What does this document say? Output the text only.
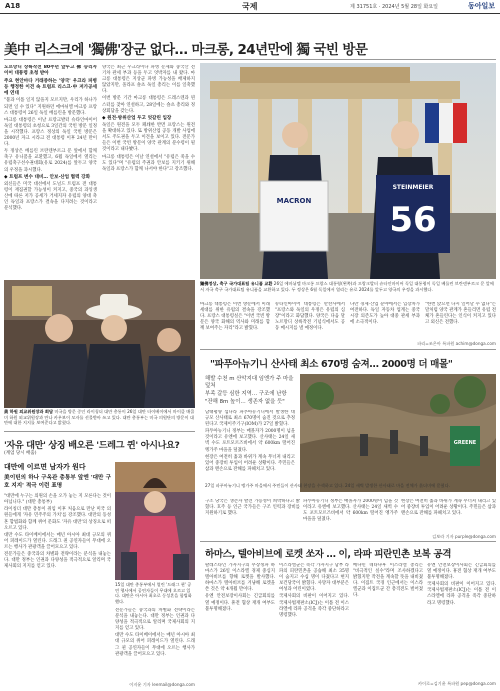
A18	국제	제 31751호 · 2024년 5월 28일 화요일	동아일보
美中 리스크에 '獨佛'장군 없다… 마크롱, 24년만에 獨 국빈 방문

노르망디 상륙작전 80주년 앞두고 佛 승리자이어 대통령 초청 받아

주요 현안마다 거래중하는 '양국' 우크라 파병 등 행정한 이견 속 트럼프 리스크·中 저가공세에 연대

"불과 이틀 일지 않을지 모르지만, 우리가 하나가 되면 일 수 있다" 지원하던 에마뉘엘 마크롱 프랑스 대통령이 26일 독일 베를린을 방문했다.

마크롱 대통령은 이날 프랑크발터 슈타인마이어 독일 대통령의 초청으로 3일간의 국빈 방문 일정을 시작했다. 프랑스 정상의 독일 국빈 방문은 2000년 자크 시라크 전 대통령 이후 24년 만이다.

두 정상은 베를린 브란덴부르크 문 앞에서 함께 축구 유니폼을 교환했고, 6월 독일에서 열리는 유럽축구선수권대회(유로 2024)를 앞두고 양국의 우정을 과시했다.

◆ 트럼프 변수 대비… 안보·산업 협력 강화

외신들은 미국 대선에서 도널드 트럼프 전 대통령이 재집권할 가능성이 커지고, 중국의 과잉생산에 따른 저가 공세가 거세지자 유럽의 양대 축인 독일과 프랑스가 결속을 다지려는 것이라고 분석했다.

양국은 최근 우크라이나 파병 문제와 중국산 전기차 관세 부과 등을 두고 엇박자를 내 왔다. 마크롱 대통령은 지상군 파병 가능성을 배제하지 않았지만, 올라프 숄츠 독일 총리는 이를 일축했다.

이번 방문 기간 마크롱 대통령은 드레스덴과 뮌스터를 찾아 연설하고, 28일에는 숄츠 총리와 정상회담을 갖는다.

◆ 원전·방위산업 두고 엇갈린 입장

독일은 원전을 모두 폐쇄한 반면 프랑스는 원전을 확대하고 있다. 또 방위산업 공동 개발 사업에서도 주도권을 두고 이견을 보이고 있다. 전문가들은 이번 국빈 방문이 양국 관계의 분수령이 될 것이라고 내다봤다.

마크롱 대통령은 이날 연설에서 "유럽은 죽을 수도 있다"며 "유럽의 주권과 안보를 지키기 위해 독일과 프랑스가 함께 나서야 한다"고 강조했다.

MACRON
STEINMEIER
56
獨佛정상, 축구 국가대표팀 유니폼 교환 26일 에마뉘엘 마크롱 프랑스 대통령(왼쪽)과 프랑크발터 슈타인마이어 독일 대통령이 독일 베를린 브란덴부르크 문 앞에서 자국 축구 국가대표팀 유니폼을 교환하고 있다. 두 정상은 6월 독일에서 열리는 유로 2024를 앞두고 양국의 우정을 과시했다.

마크롱 대통령은 이번 방문에서 미래 세대를 위한 유럽의 결속을 강조했다. 프랑스 대통령실은 "이번 국빈 방문은 양국 화해의 역사와 미래를 함께 보여주는 자리"라고 밝혔다.

슈타인마이어 대통령은 만찬사에서 "프랑스와 독일의 우정은 유럽의 심장"이라고 화답했다. 양국은 다음 달 노르망디 상륙작전 기념식에서도 공동 메시지를 낼 예정이다.

다만 경제·산업 분야에서는 입장차가 여전하다. 독일 자동차 업계는 중국 시장 의존도가 높아 대중 관세 부과에 소극적이다.

"한번 앉으면 다시 일어날 수 없다"는 말처럼 양국 관계가 흔들리면 유럽 전체가 흔들린다는 인식이 커지고 있다고 외신은 전했다.

파리=조은아 특파원 achim@donga.com
美 하원 외교위원장과 회담 미국을 방문 중인 라이칭더 대만 총통이 26일 대만 타이베이에서 마이클 매콜 미 하원 외교위원장과 만나 카우보이 모자를 선물받아 쓰고 있다. 대만 총통부는 미국 의원단의 방문이 대만에 대한 지지를 보여준다고 밝혔다.
'자유 대만' 상징 배오른 '드레그 퀸' 아시나요?
(계엄 당시 배출)

대만에 이르면 남자가 원다

美이틴의 하나 구옥관 총통부 앞엔 '대만 구호 지지' 적극 이런 표명

"대만에 누구는 의원의 손을 오가 놓는 지 모른다는 것이 아닙니다." (대만 총통부)

라이칭더 대만 총통이 취임 이후 처음으로 만난 미국 의원들에게 '자유 민주주의 가치'를 강조했다. 대만의 동성혼 합법화와 함께 퀴어 문화도 '자유 대만'의 상징으로 떠오르고 있다.

대만 수도 타이베이에서는 매년 아시아 최대 규모의 퀴어 퍼레이드가 열린다. 드래그 퀸 공연자들이 무대에 오르는 행사가 관광객을 끌어모으고 있다.

전문가들은 중국과의 차별화 전략이라는 분석을 내놓는다. 대만 정부는 인권과 다양성을 적극적으로 알리며 국제사회의 지지를 얻고 있다.

15일 대만 총통부에서 열린 '드래그 퀸' 공연 행사에서 공연자들이 무대에 오르고 있다. 대만은 아시아 최초로 동성혼을 합법화했다.

전문가들은 중국과의 차별화 전략이라는 분석을 내놓는다. 대만 정부는 인권과 다양성을 적극적으로 알리며 국제사회의 지지를 얻고 있다.

대만 수도 타이베이에서는 매년 아시아 최대 규모의 퀴어 퍼레이드가 열린다. 드래그 퀸 공연자들이 무대에 오르는 행사가 관광객을 끌어모으고 있다.

이지윤 기자 leemail@donga.com
"파푸아뉴기니 산사태 최소 670명 숨져… 2000명 더 매몰"
해발 수천 m 산악지대 임엔가 주 마을 덮쳐
부족 갈등 심한 지역… 구조에 난항
"잔해 8m 높이… 생존자 없을 듯"

남태평양 섬나라 파푸아뉴기니에서 발생한 대규모 산사태로 최소 670명이 숨진 것으로 추정된다고 국제이주기구(IOM)가 27일 밝혔다.

파푸아뉴기니 정부는 매몰자가 2000명이 넘을 것이라고 유엔에 보고했다. 산사태는 24일 새벽 수도 포트모르즈비에서 약 600km 떨어진 엥가주 마을을 덮쳤다.

현장은 여전히 흙과 바위가 계속 무너져 내리고 있어 중장비 투입이 어려운 상황이다. 주민들은 삽과 맨손으로 잔해를 파헤치고 있다.

GREENE
27일 파푸아뉴기니 엥가주 마을에서 주민들이 산사태 현장을 수색하고 있다. 24일 새벽 발생한 산사태로 마을 전체가 흙더미에 묻혔다.

구조 당국은 생존자 발견 가능성이 희박하다고 밝혔다. 호주 등 인근 국가들은 구조 인력과 장비를 지원하기로 했다.

파푸아뉴기니 정부는 매몰자가 2000명이 넘을 것이라고 유엔에 보고했다. 산사태는 24일 새벽 수도 포트모르즈비에서 약 600km 떨어진 엥가주 마을을 덮쳤다.

현장은 여전히 흙과 바위가 계속 무너져 내리고 있어 중장비 투입이 어려운 상황이다. 주민들은 삽과 맨손으로 잔해를 파헤치고 있다.

김보라 기자 purple@donga.com
하마스, 텔아비브에 로켓 쏘자 … 이, 라파 피란민촌 보복 공격

팔레스타인 가자지구의 무장정파 하마스가 26일 이스라엘 경제 중심지 텔아비브를 향해 로켓을 발사했다. 하마스가 텔아비브를 겨냥해 로켓을 쏜 것은 약 4개월 만이다.

유엔 안전보장이사회는 긴급회의를 열 예정이다. 휴전 협상 재개 여부도 불투명해졌다.

이스라엘군은 즉각 가자지구 남부 라파의 피란민촌을 공습해 최소 35명이 숨지고 수십 명이 다쳤다고 현지 보건당국이 밝혔다. 사망자 대부분은 여성과 어린이였다.

국제사회의 비판이 이어지고 있다. 국제사법재판소(ICJ)는 이틀 전 이스라엘에 라파 공격을 즉각 중단하라고 명령했다.

베냐민 네타냐후 이스라엘 총리는 "비극적인 실수"라며 조사하겠다고 밝혔지만 작전을 계속할 뜻을 내비쳤다. 이집트 국경 인근에서는 이스라엘군과 이집트군 간 총격전도 벌어졌다.

유엔 안전보장이사회는 긴급회의를 열 예정이다. 휴전 협상 재개 여부도 불투명해졌다.

국제사회의 비판이 이어지고 있다. 국제사법재판소(ICJ)는 이틀 전 이스라엘에 라파 공격을 즉각 중단하라고 명령했다.

카이로=김기윤 특파원 pep@donga.com
